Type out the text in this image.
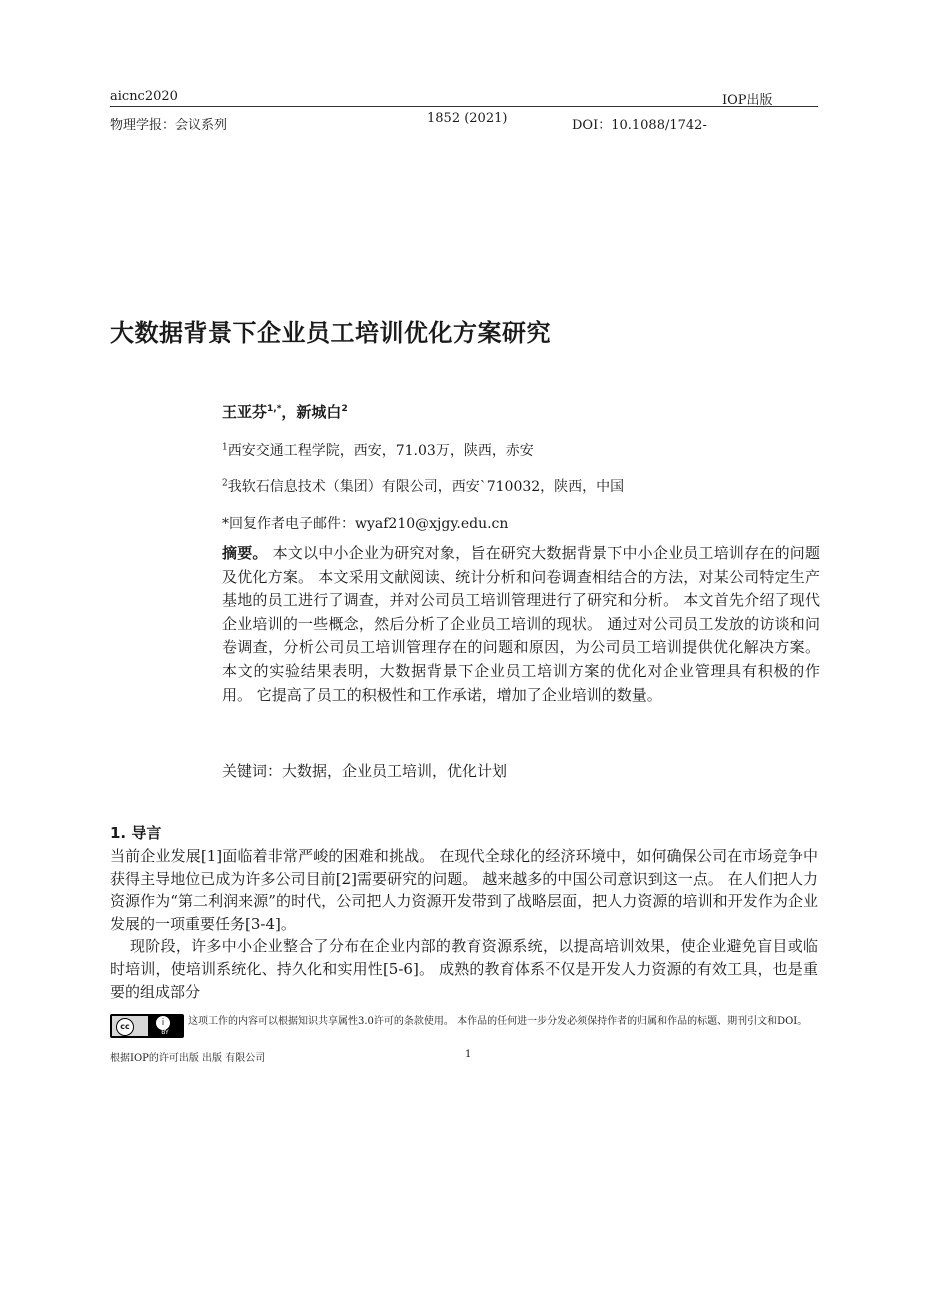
aicnc2020	IOP出版
物理学报：会议系列	1852 (2021)	DOI：10.1088/1742-
大数据背景下企业员工培训优化方案研究
王亚芬$^{1,*}$，新城白$^2$
$^1$西安交通工程学院，西安，71.03万，陕西，赤安
$^2$我软石信息技术（集团）有限公司，西安`710032，陕西，中国
*回复作者电子邮件：wyaf210@xjgy.edu.cn
摘要。 本文以中小企业为研究对象，旨在研究大数据背景下中小企业员工培训存在的问题及优化方案。 本文采用文献阅读、统计分析和问卷调查相结合的方法，对某公司特定生产基地的员工进行了调查，并对公司员工培训管理进行了研究和分析。 本文首先介绍了现代企业培训的一些概念，然后分析了企业员工培训的现状。 通过对公司员工发放的访谈和问卷调查，分析公司员工培训管理存在的问题和原因，为公司员工培训提供优化解决方案。 本文的实验结果表明，大数据背景下企业员工培训方案的优化对企业管理具有积极的作用。 它提高了员工的积极性和工作承诺，增加了企业培训的数量。
关键词：大数据，企业员工培训，优化计划
1. 导言

当前企业发展[1]面临着非常严峻的困难和挑战。 在现代全球化的经济环境中，如何确保公司在市场竞争中获得主导地位已成为许多公司目前[2]需要研究的问题。 越来越多的中国公司意识到这一点。 在人们把人力资源作为“第二利润来源”的时代，公司把人力资源开发带到了战略层面，把人力资源的培训和开发作为企业发展的一项重要任务[3-4]。

现阶段，许多中小企业整合了分布在企业内部的教育资源系统，以提高培训效果，使企业避免盲目或临时培训，使培训系统化、持久化和实用性[5-6]。 成熟的教育体系不仅是开发人力资源的有效工具，也是重要的组成部分

cc	i
BY
这项工作的内容可以根据知识共享属性3.0许可的条款使用。 本作品的任何进一步分发必须保持作者的归属和作品的标题、期刊引文和DOI。
根据IOP的许可出版 出版 有限公司	1
